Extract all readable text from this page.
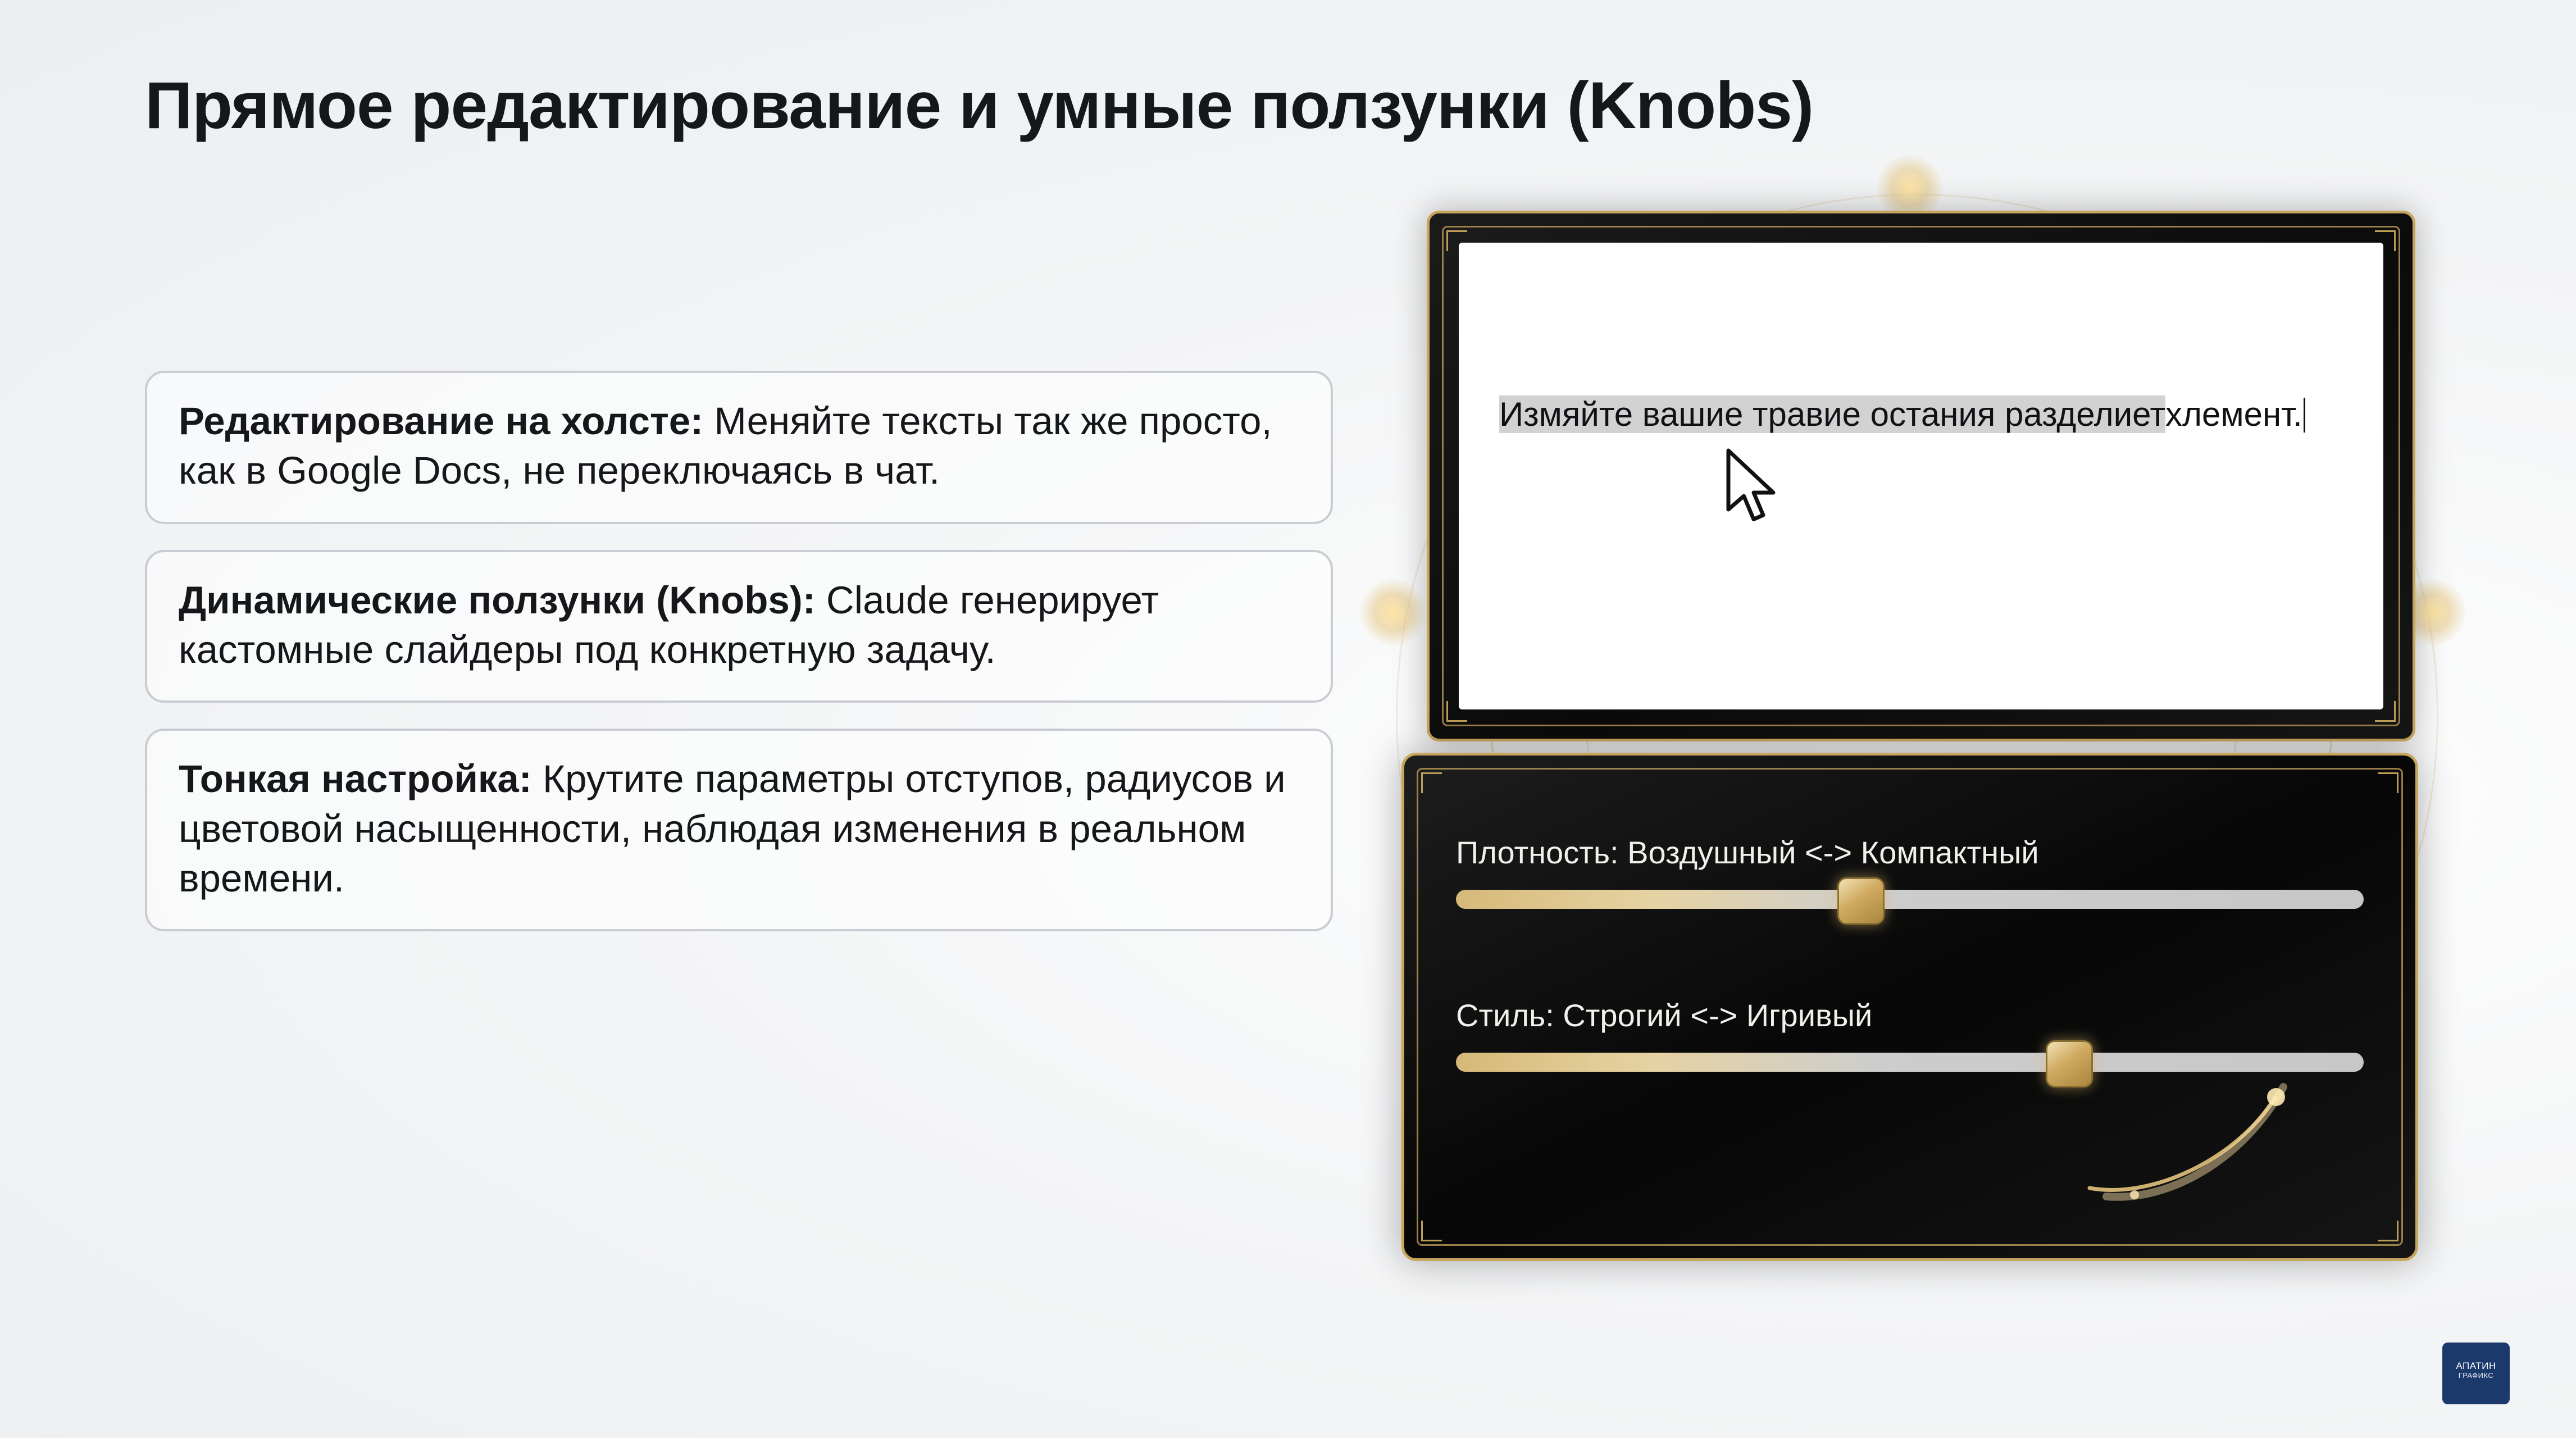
Прямое редактирование и умные ползунки (Knobs)

Редактирование на холсте: Меняйте тексты так же просто, как в Google Docs, не переключаясь в чат.

Динамические ползунки (Knobs): Claude генерирует кастомные слайдеры под конкретную задачу.

Тонкая настройка: Крутите параметры отступов, радиусов и цветовой насыщенности, наблюдая изменения в реальном времени.

Измяйте вашие травие остания разделиетхлемент.
Плотность: Воздушный <-> Компактный
Стиль: Строгий <-> Игривый
АПАТИН
ГРАФИКС
